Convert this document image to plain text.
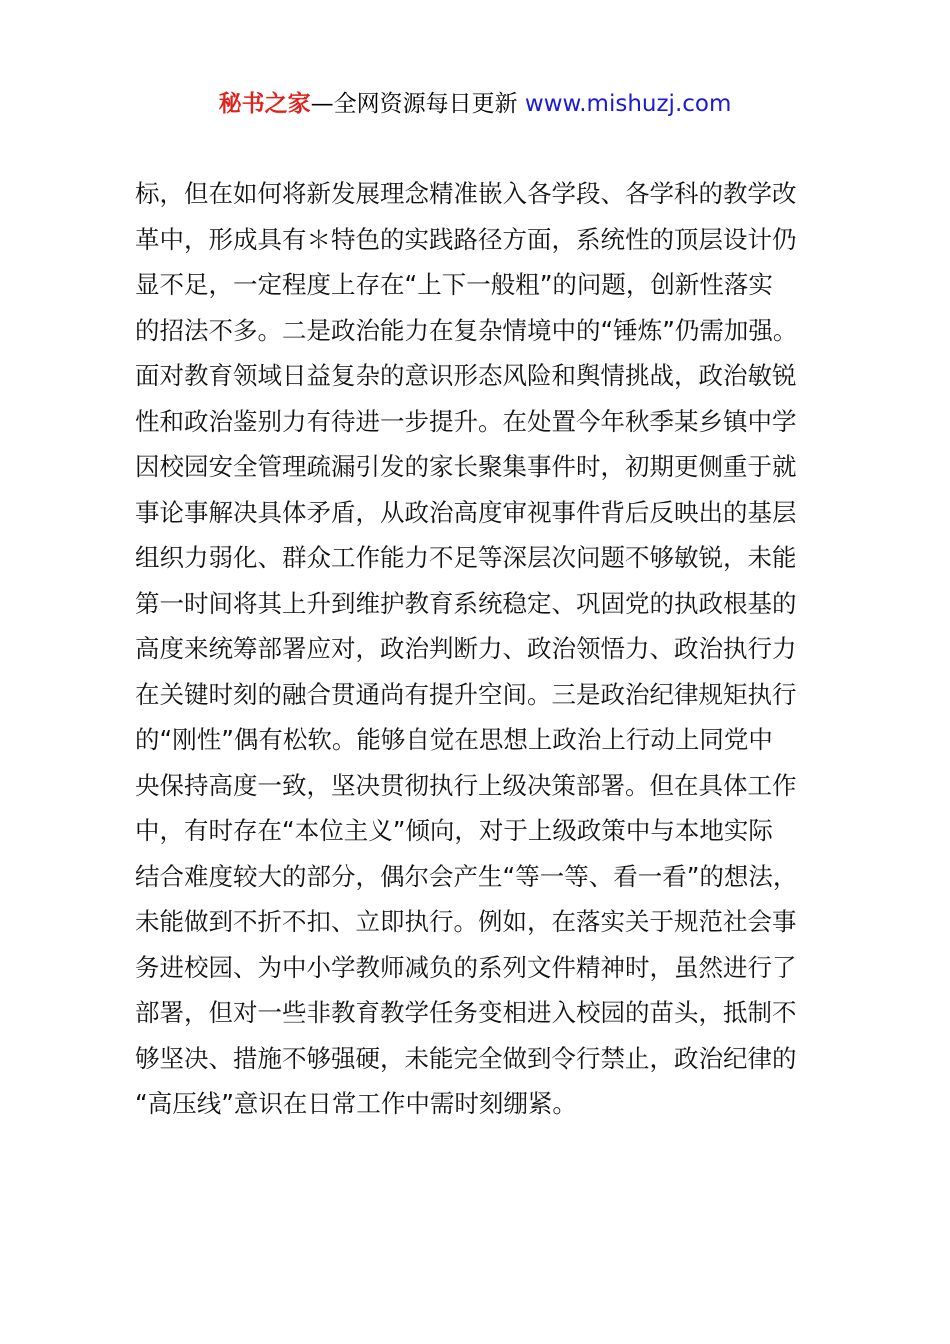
秘书之家—全网资源每日更新 www.mishuzj.com
标，但在如何将新发展理念精准嵌入各学段、各学科的教学改
革中，形成具有＊特色的实践路径方面，系统性的顶层设计仍
显不足，一定程度上存在“上下一般粗”的问题，创新性落实
的招法不多。二是政治能力在复杂情境中的“锤炼”仍需加强。
面对教育领域日益复杂的意识形态风险和舆情挑战，政治敏锐
性和政治鉴别力有待进一步提升。在处置今年秋季某乡镇中学
因校园安全管理疏漏引发的家长聚集事件时，初期更侧重于就
事论事解决具体矛盾，从政治高度审视事件背后反映出的基层
组织力弱化、群众工作能力不足等深层次问题不够敏锐，未能
第一时间将其上升到维护教育系统稳定、巩固党的执政根基的
高度来统筹部署应对，政治判断力、政治领悟力、政治执行力
在关键时刻的融合贯通尚有提升空间。三是政治纪律规矩执行
的“刚性”偶有松软。能够自觉在思想上政治上行动上同党中
央保持高度一致，坚决贯彻执行上级决策部署。但在具体工作
中，有时存在“本位主义”倾向，对于上级政策中与本地实际
结合难度较大的部分，偶尔会产生“等一等、看一看”的想法，
未能做到不折不扣、立即执行。例如，在落实关于规范社会事
务进校园、为中小学教师减负的系列文件精神时，虽然进行了
部署，但对一些非教育教学任务变相进入校园的苗头，抵制不
够坚决、措施不够强硬，未能完全做到令行禁止，政治纪律的
“高压线”意识在日常工作中需时刻绷紧。
